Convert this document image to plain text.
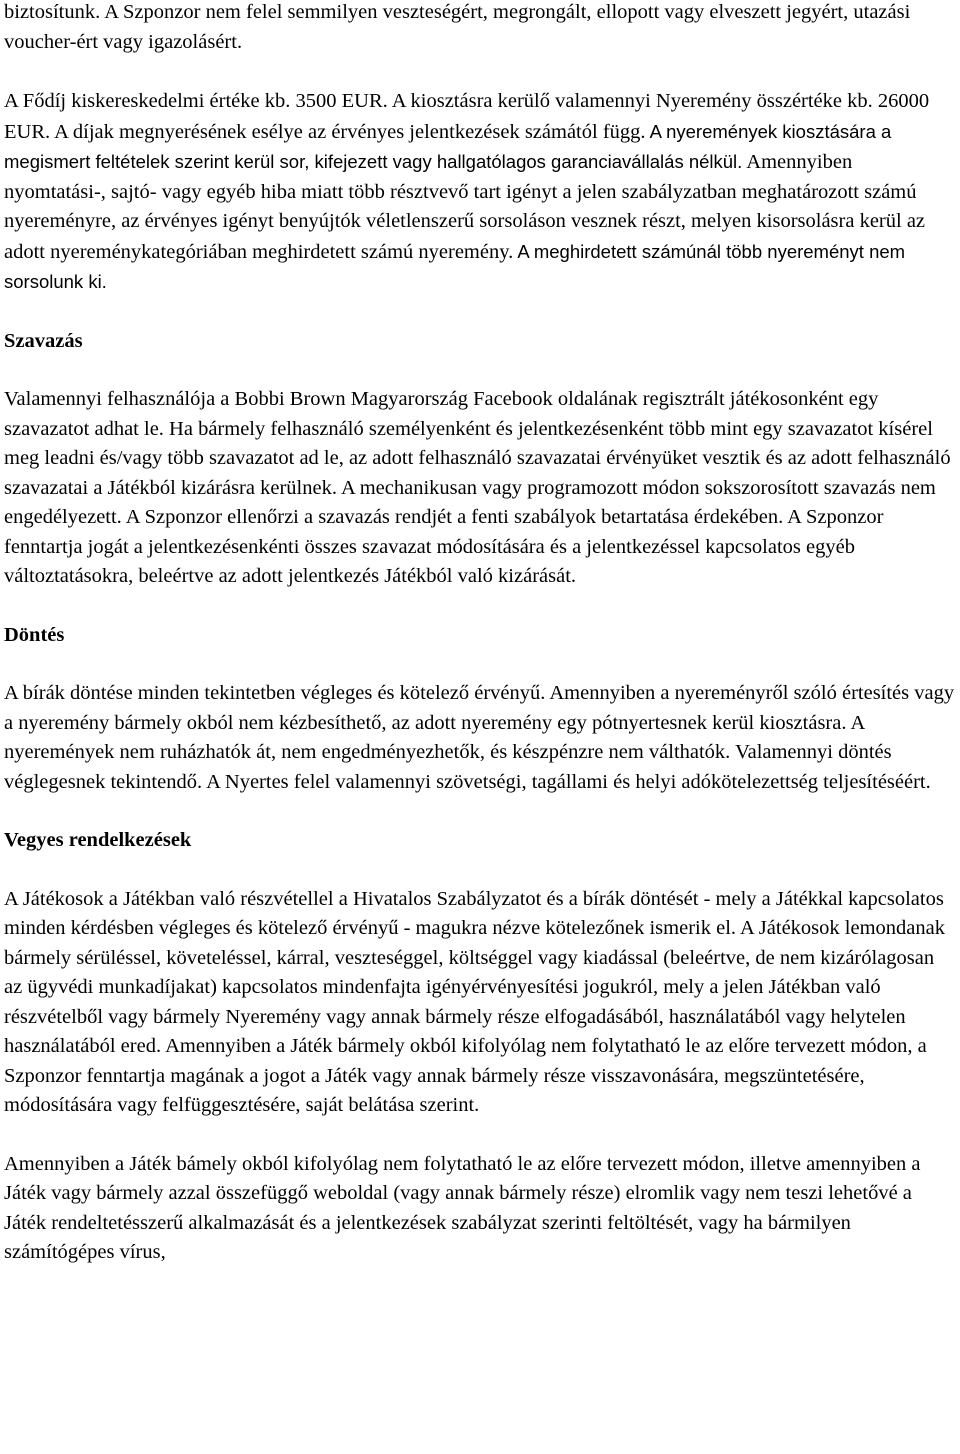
biztosítunk. A Szponzor nem felel semmilyen veszteségért, megrongált, ellopott vagy elveszett jegyért, utazási voucher-ért vagy igazolásért.

A Fődíj kiskereskedelmi értéke kb. 3500 EUR. A kiosztásra kerülő valamennyi Nyeremény összértéke kb. 26000 EUR. A díjak megnyerésének esélye az érvényes jelentkezések számától függ. A nyeremények kiosztására a megismert feltételek szerint kerül sor, kifejezett vagy hallgatólagos garanciavállalás nélkül. Amennyiben nyomtatási-, sajtó- vagy egyéb hiba miatt több résztvevő tart igényt a jelen szabályzatban meghatározott számú nyereményre, az érvényes igényt benyújtók véletlenszerű sorsoláson vesznek részt, melyen kisorsolásra kerül az adott nyereménykategóriában meghirdetett számú nyeremény. A meghirdetett számúnál több nyereményt nem sorsolunk ki.

Szavazás

Valamennyi felhasználója a Bobbi Brown Magyarország Facebook oldalának regisztrált játékosonként egy szavazatot adhat le. Ha bármely felhasználó személyenként és jelentkezésenként több mint egy szavazatot kísérel meg leadni és/vagy több szavazatot ad le, az adott felhasználó szavazatai érvényüket vesztik és az adott felhasználó szavazatai a Játékból kizárásra kerülnek. A mechanikusan vagy programozott módon sokszorosított szavazás nem engedélyezett. A Szponzor ellenőrzi a szavazás rendjét a fenti szabályok betartatása érdekében. A Szponzor fenntartja jogát a jelentkezésenkénti összes szavazat módosítására és a jelentkezéssel kapcsolatos egyéb változtatásokra, beleértve az adott jelentkezés Játékból való kizárását.

Döntés

A bírák döntése minden tekintetben végleges és kötelező érvényű. Amennyiben a nyereményről szóló értesítés vagy a nyeremény bármely okból nem kézbesíthető, az adott nyeremény egy pótnyertesnek kerül kiosztásra. A nyeremények nem ruházhatók át, nem engedményezhetők, és készpénzre nem válthatók. Valamennyi döntés véglegesnek tekintendő. A Nyertes felel valamennyi szövetségi, tagállami és helyi adókötelezettség teljesítéséért.

Vegyes rendelkezések

A Játékosok a Játékban való részvétellel a Hivatalos Szabályzatot és a bírák döntését - mely a Játékkal kapcsolatos minden kérdésben végleges és kötelező érvényű - magukra nézve kötelezőnek ismerik el. A Játékosok lemondanak bármely sérüléssel, követeléssel, kárral, veszteséggel, költséggel vagy kiadással (beleértve, de nem kizárólagosan az ügyvédi munkadíjakat) kapcsolatos mindenfajta igényérvényesítési jogukról, mely a jelen Játékban való részvételből vagy bármely Nyeremény vagy annak bármely része elfogadásából, használatából vagy helytelen használatából ered. Amennyiben a Játék bármely okból kifolyólag nem folytatható le az előre tervezett módon, a Szponzor fenntartja magának a jogot a Játék vagy annak bármely része visszavonására, megszüntetésére, módosítására vagy felfüggesztésére, saját belátása szerint.

Amennyiben a Játék bámely okból kifolyólag nem folytatható le az előre tervezett módon, illetve amennyiben a Játék vagy bármely azzal összefüggő weboldal (vagy annak bármely része) elromlik vagy nem teszi lehetővé a Játék rendeltetésszerű alkalmazását és a jelentkezések szabályzat szerinti feltöltését, vagy ha bármilyen számítógépes vírus,
